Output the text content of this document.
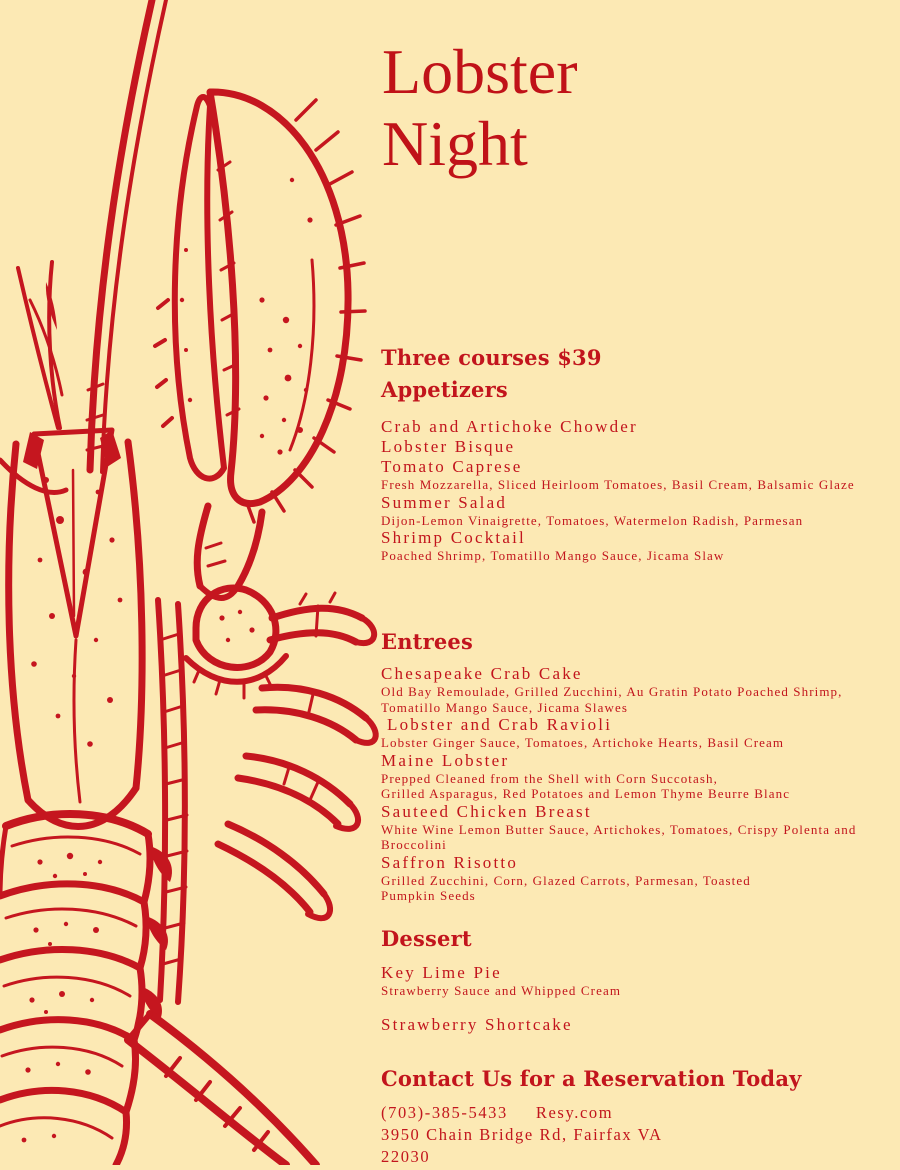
Lobster
Night
Three courses $39
Appetizers
Crab and Artichoke Chowder
Lobster Bisque
Tomato Caprese
Fresh Mozzarella, Sliced Heirloom Tomatoes, Basil Cream, Balsamic Glaze
Summer Salad
Dijon-Lemon Vinaigrette, Tomatoes, Watermelon Radish, Parmesan
Shrimp Cocktail
Poached Shrimp, Tomatillo Mango Sauce, Jicama Slaw
Entrees
Chesapeake Crab Cake
Old Bay Remoulade, Grilled Zucchini, Au Gratin Potato Poached Shrimp, Tomatillo Mango Sauce, Jicama Slawes
Lobster and Crab Ravioli
Lobster Ginger Sauce, Tomatoes, Artichoke Hearts, Basil Cream
Maine Lobster
Prepped Cleaned from the Shell with Corn Succotash,
Grilled Asparagus, Red Potatoes and Lemon Thyme Beurre Blanc
Sauteed Chicken Breast
White Wine Lemon Butter Sauce, Artichokes, Tomatoes, Crispy Polenta and Broccolini
Saffron Risotto
Grilled Zucchini, Corn, Glazed Carrots, Parmesan, Toasted
Pumpkin Seeds
Dessert
Key Lime Pie
Strawberry Sauce and Whipped Cream
Strawberry Shortcake
Contact Us for a Reservation Today
(703)-385-5433 Resy.com
3950 Chain Bridge Rd, Fairfax VA
22030
